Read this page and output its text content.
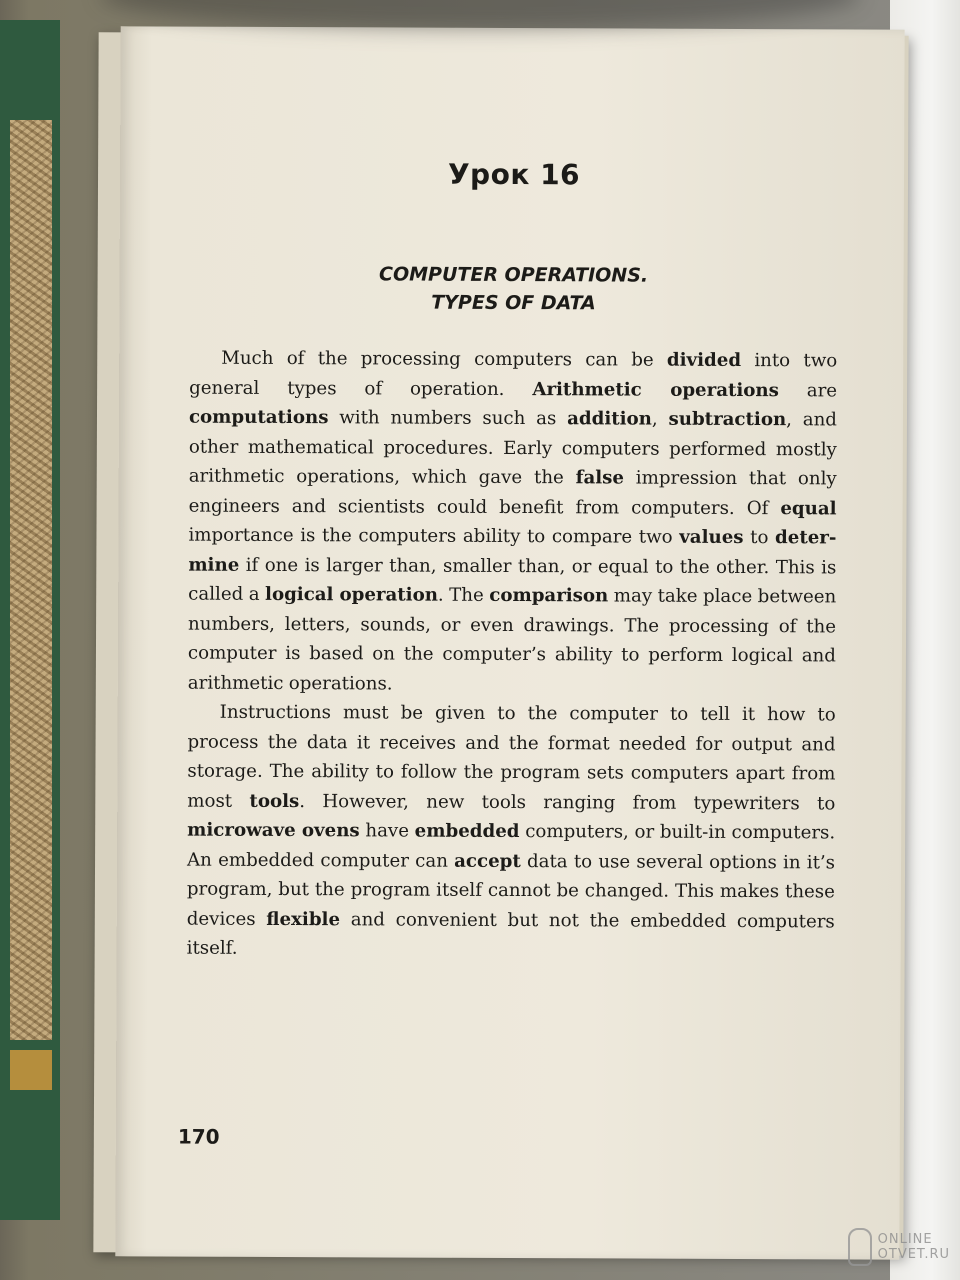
Урок 16
COMPUTER OPERATIONS.
TYPES OF DATA

Much of the processing computers can be divided into two general types of operation. Arithmetic operations are computations with numbers such as addition, subtraction, and other mathematical procedures. Early computers performed mostly arithmetic operations, which gave the false impression that only engineers and scientists could benefit from computers. Of equal importance is the computers ability to compare two values to determine if one is larger than, smaller than, or equal to the other. This is called a logical operation. The comparison may take place between numbers, letters, sounds, or even drawings. The processing of the computer is based on the computer’s ability to perform logical and arithmetic operations.

Instructions must be given to the computer to tell it how to process the data it receives and the format needed for output and storage. The ability to follow the program sets computers apart from most tools. However, new tools ranging from typewriters to microwave ovens have embedded computers, or built-in computers. An embedded computer can accept data to use several options in it’s program, but the program itself cannot be changed. This makes these devices flexible and convenient but not the embedded computers itself.

170
ONLINE
OTVET.RU
